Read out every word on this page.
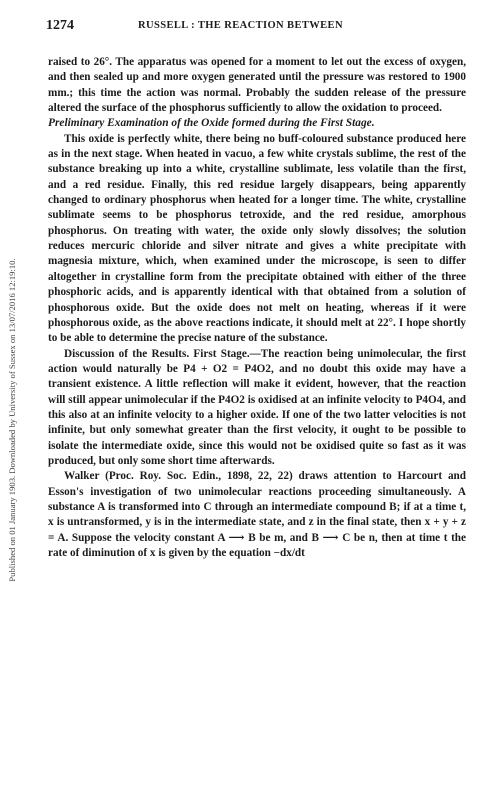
Published on 01 January 1903. Downloaded by University of Sussex on 13/07/2016 12:19:10.
1274	RUSSELL : THE REACTION BETWEEN

raised to 26°. The apparatus was opened for a moment to let out the excess of oxygen, and then sealed up and more oxygen generated until the pressure was restored to 1900 mm.; this time the action was normal. Probably the sudden release of the pressure altered the surface of the phosphorus sufficiently to allow the oxidation to proceed.

Preliminary Examination of the Oxide formed during the First Stage.

This oxide is perfectly white, there being no buff-coloured substance produced here as in the next stage. When heated in vacuo, a few white crystals sublime, the rest of the substance breaking up into a white, crystalline sublimate, less volatile than the first, and a red residue. Finally, this red residue largely disappears, being apparently changed to ordinary phosphorus when heated for a longer time. The white, crystalline sublimate seems to be phosphorus tetroxide, and the red residue, amorphous phosphorus. On treating with water, the oxide only slowly dissolves; the solution reduces mercuric chloride and silver nitrate and gives a white precipitate with magnesia mixture, which, when examined under the microscope, is seen to differ altogether in crystalline form from the precipitate obtained with either of the three phosphoric acids, and is apparently identical with that obtained from a solution of phosphorous oxide. But the oxide does not melt on heating, whereas if it were phosphorous oxide, as the above reactions indicate, it should melt at 22°. I hope shortly to be able to determine the precise nature of the substance.

Discussion of the Results. First Stage.—The reaction being unimolecular, the first action would naturally be P4 + O2 = P4O2, and no doubt this oxide may have a transient existence. A little reflection will make it evident, however, that the reaction will still appear unimolecular if the P4O2 is oxidised at an infinite velocity to P4O4, and this also at an infinite velocity to a higher oxide. If one of the two latter velocities is not infinite, but only somewhat greater than the first velocity, it ought to be possible to isolate the intermediate oxide, since this would not be oxidised quite so fast as it was produced, but only some short time afterwards.

Walker (Proc. Roy. Soc. Edin., 1898, 22, 22) draws attention to Harcourt and Esson's investigation of two unimolecular reactions proceeding simultaneously. A substance A is transformed into C through an intermediate compound B; if at a time t, x is untransformed, y is in the intermediate state, and z in the final state, then x + y + z = A. Suppose the velocity constant A ⟶ B be m, and B ⟶ C be n, then at time t the rate of diminution of x is given by the equation −dx/dt
